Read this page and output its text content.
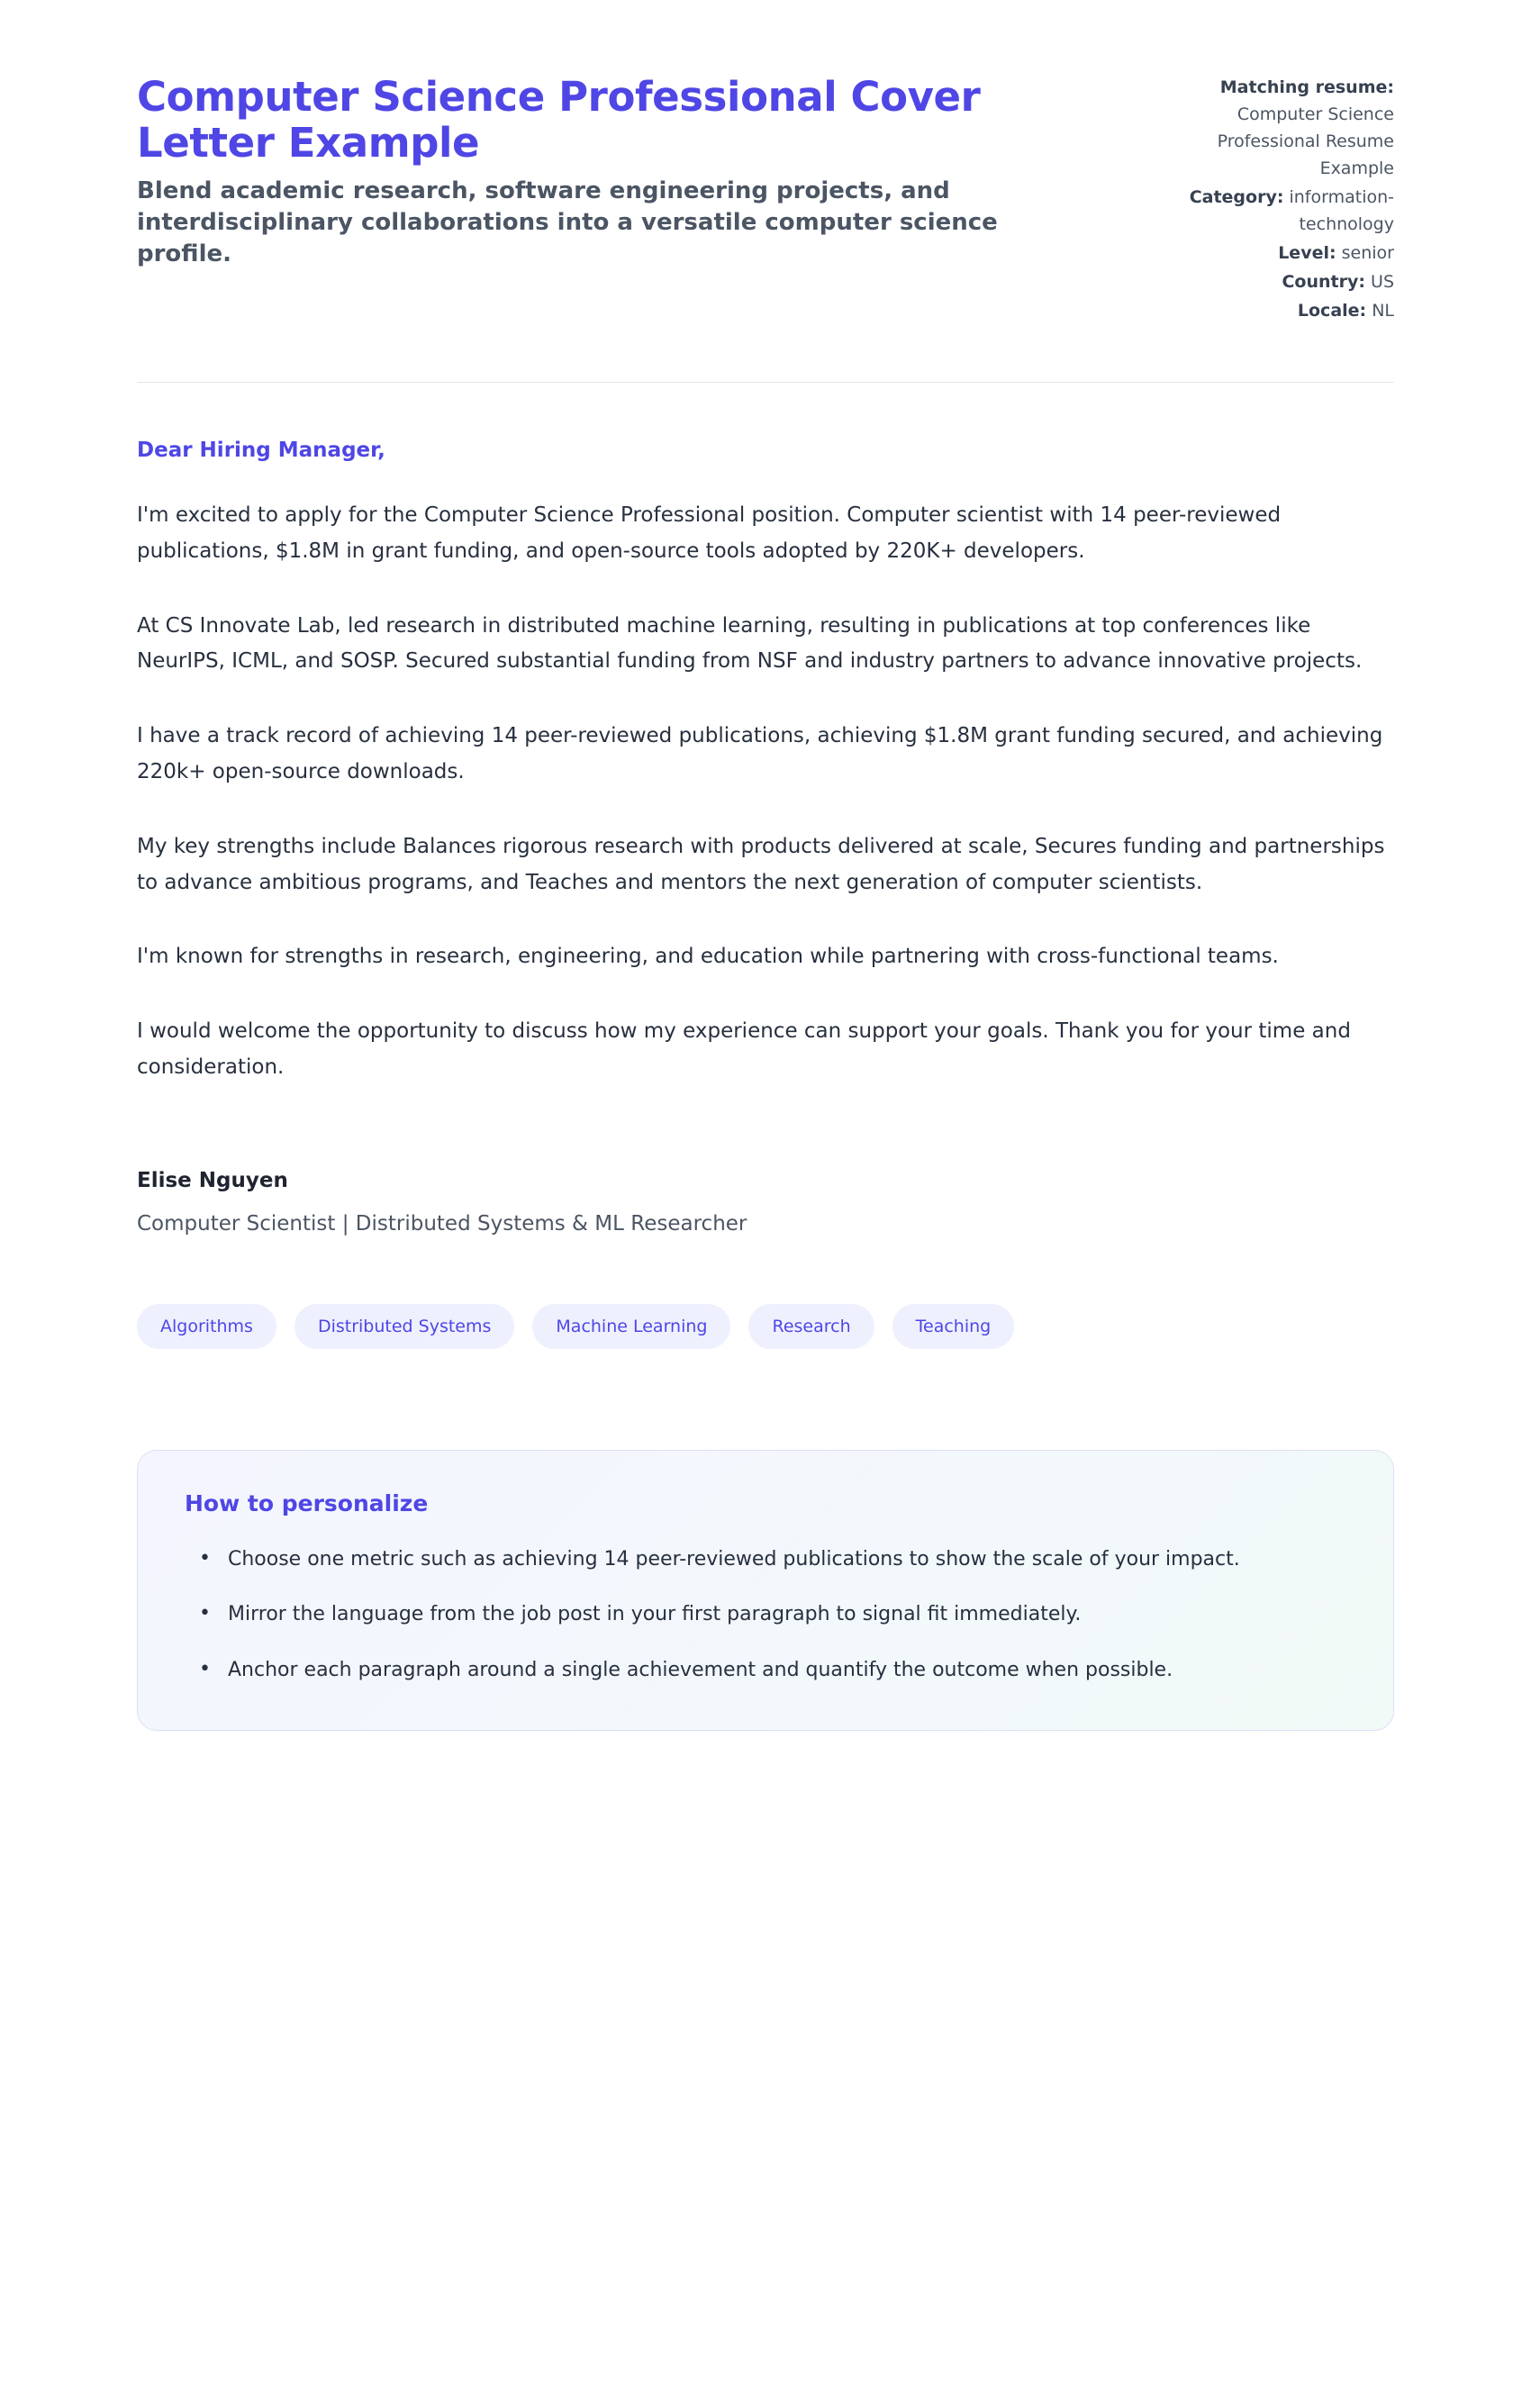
Computer Science Professional Cover Letter Example

Blend academic research, software engineering projects, and interdisciplinary collaborations into a versatile computer science profile.

Matching resume: Computer Science Professional Resume Example
Category: information-technology
Level: senior
Country: US
Locale: NL

Dear Hiring Manager,

I'm excited to apply for the Computer Science Professional position. Computer scientist with 14 peer-reviewed publications, $1.8M in grant funding, and open-source tools adopted by 220K+ developers.

At CS Innovate Lab, led research in distributed machine learning, resulting in publications at top conferences like NeurIPS, ICML, and SOSP. Secured substantial funding from NSF and industry partners to advance innovative projects.

I have a track record of achieving 14 peer-reviewed publications, achieving $1.8M grant funding secured, and achieving 220k+ open-source downloads.

My key strengths include Balances rigorous research with products delivered at scale, Secures funding and partnerships to advance ambitious programs, and Teaches and mentors the next generation of computer scientists.

I'm known for strengths in research, engineering, and education while partnering with cross-functional teams.

I would welcome the opportunity to discuss how my experience can support your goals. Thank you for your time and consideration.

Elise Nguyen

Computer Scientist | Distributed Systems & ML Researcher

Algorithms	Distributed Systems	Machine Learning	Research	Teaching
How to personalize
• Choose one metric such as achieving 14 peer-reviewed publications to show the scale of your impact.
• Mirror the language from the job post in your first paragraph to signal fit immediately.
• Anchor each paragraph around a single achievement and quantify the outcome when possible.
